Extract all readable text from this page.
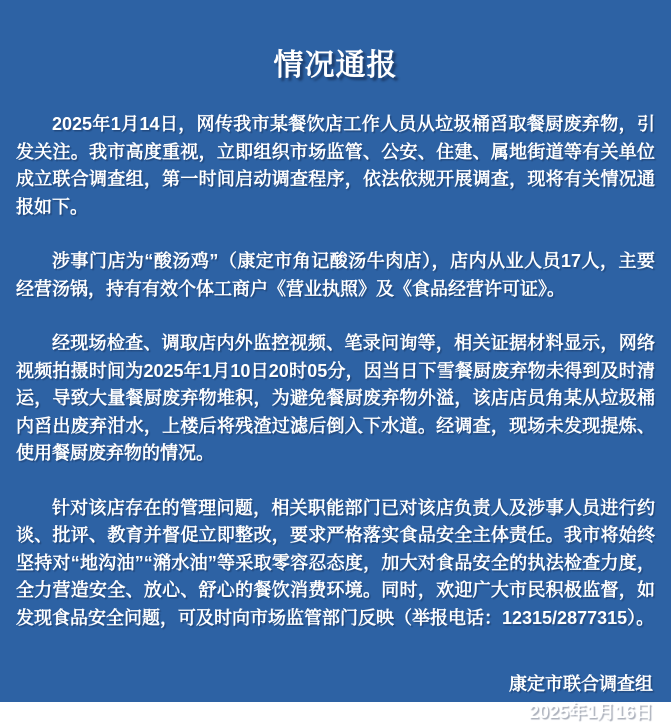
情况通报

2025年1月14日，网传我市某餐饮店工作人员从垃圾桶舀取餐厨废弃物，引发关注。我市高度重视，立即组织市场监管、公安、住建、属地街道等有关单位成立联合调查组，第一时间启动调查程序，依法依规开展调查，现将有关情况通报如下。

涉事门店为“酸汤鸡”（康定市角记酸汤牛肉店），店内从业人员17人，主要经营汤锅，持有有效个体工商户《营业执照》及《食品经营许可证》。

经现场检查、调取店内外监控视频、笔录问询等，相关证据材料显示，网络视频拍摄时间为2025年1月10日20时05分，因当日下雪餐厨废弃物未得到及时清运，导致大量餐厨废弃物堆积，为避免餐厨废弃物外溢，该店店员角某从垃圾桶内舀出废弃泔水，上楼后将残渣过滤后倒入下水道。经调查，现场未发现提炼、使用餐厨废弃物的情况。

针对该店存在的管理问题，相关职能部门已对该店负责人及涉事人员进行约谈、批评、教育并督促立即整改，要求严格落实食品安全主体责任。我市将始终坚持对“地沟油”“潲水油”等采取零容忍态度，加大对食品安全的执法检查力度，全力营造安全、放心、舒心的餐饮消费环境。同时，欢迎广大市民积极监督，如发现食品安全问题，可及时向市场监管部门反映（举报电话：12315/2877315）。

康定市联合调查组
2025年1月16日
